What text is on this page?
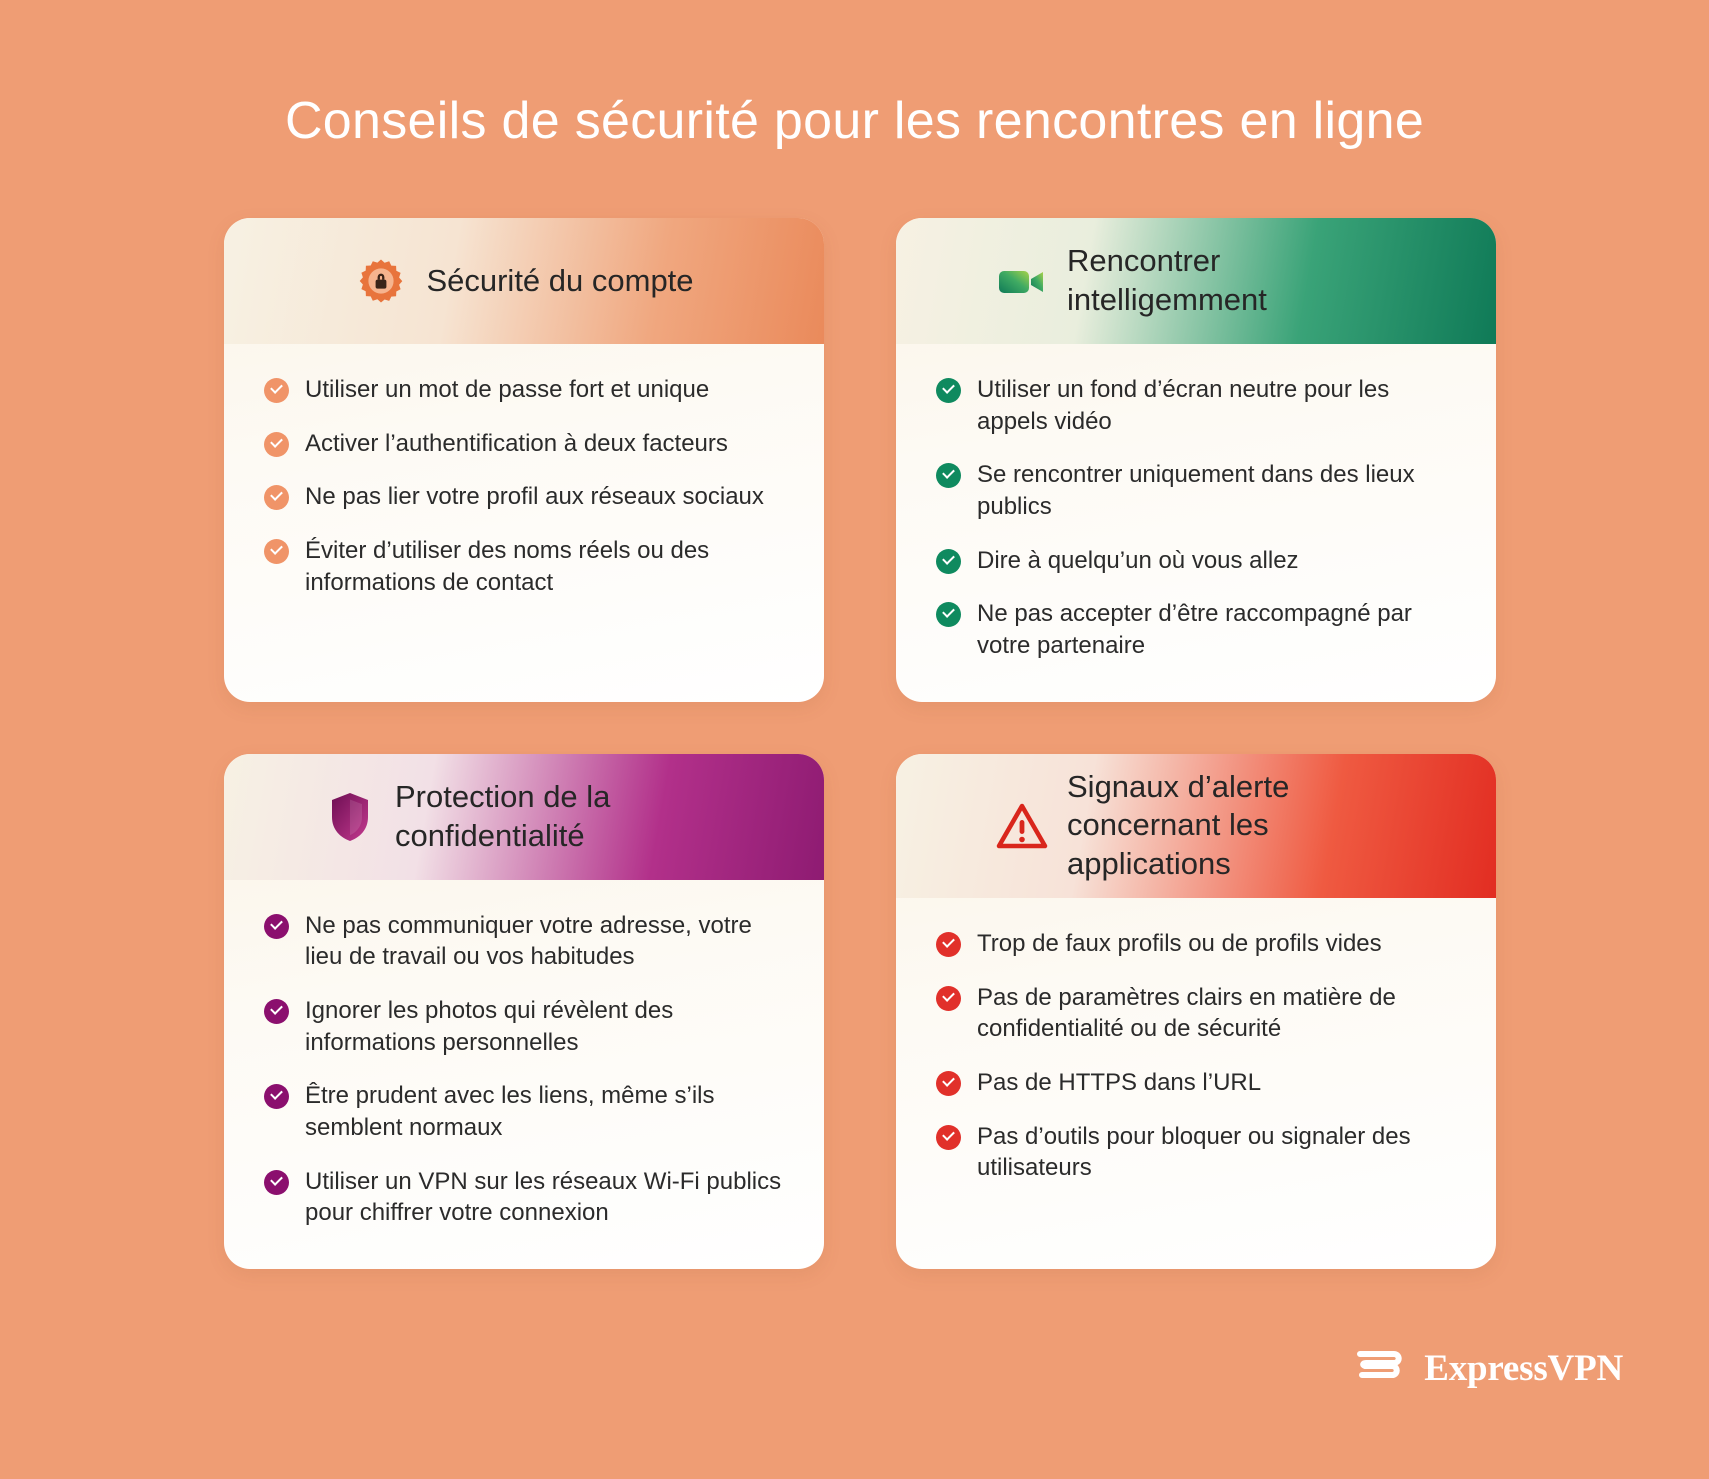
Conseils de sécurité pour les rencontres en ligne
Sécurité du compte
Utiliser un mot de passe fort et unique
Activer l’authentification à deux facteurs
Ne pas lier votre profil aux réseaux sociaux
Éviter d’utiliser des noms réels ou des informations de contact
Rencontrer intelligemment
Utiliser un fond d’écran neutre pour les appels vidéo
Se rencontrer uniquement dans des lieux publics
Dire à quelqu’un où vous allez
Ne pas accepter d’être raccompagné par votre partenaire
Protection de la confidentialité
Ne pas communiquer votre adresse, votre lieu de travail ou vos habitudes
Ignorer les photos qui révèlent des informations personnelles
Être prudent avec les liens, même s’ils semblent normaux
Utiliser un VPN sur les réseaux Wi-Fi publics pour chiffrer votre connexion
Signaux d’alerte concernant les applications
Trop de faux profils ou de profils vides
Pas de paramètres clairs en matière de confidentialité ou de sécurité
Pas de HTTPS dans l’URL
Pas d’outils pour bloquer ou signaler des utilisateurs
ExpressVPN
